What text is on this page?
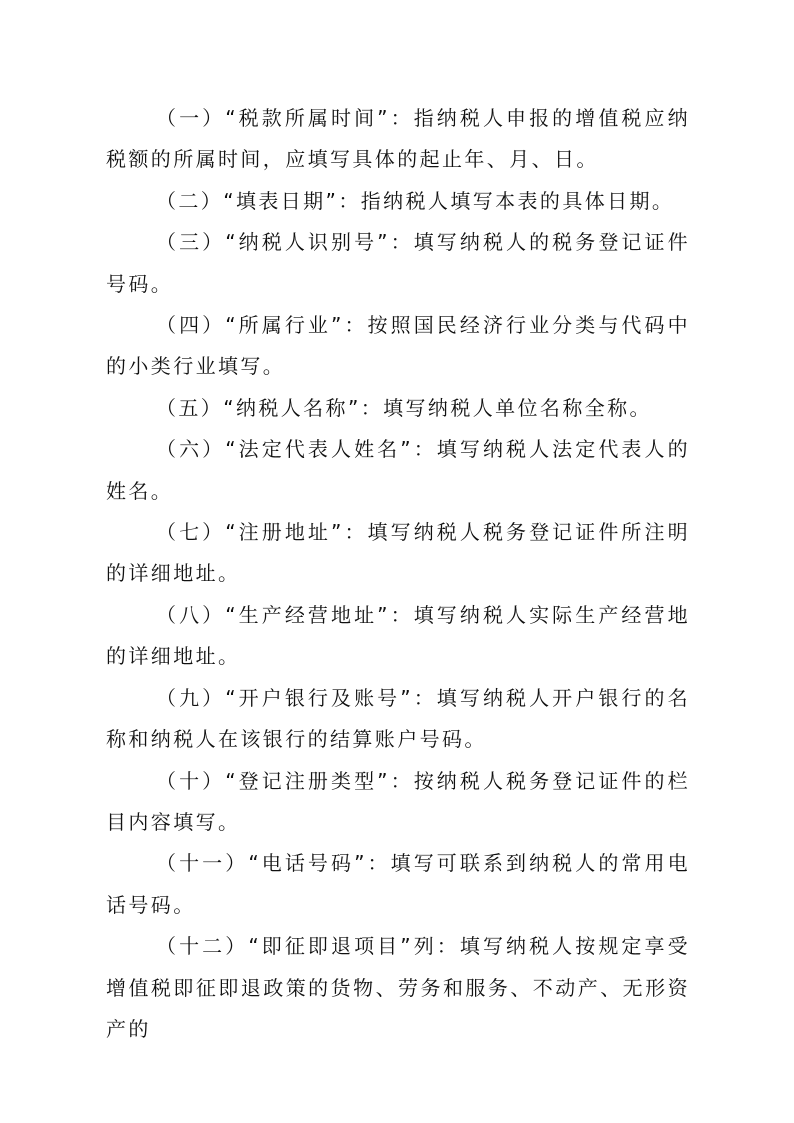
（一）“税款所属时间”：指纳税人申报的增值税应纳税额的所属时间，应填写具体的起止年、月、日。

（二）“填表日期”：指纳税人填写本表的具体日期。

（三）“纳税人识别号”：填写纳税人的税务登记证件号码。

（四）“所属行业”：按照国民经济行业分类与代码中的小类行业填写。

（五）“纳税人名称”：填写纳税人单位名称全称。

（六）“法定代表人姓名”：填写纳税人法定代表人的姓名。

（七）“注册地址”：填写纳税人税务登记证件所注明的详细地址。

（八）“生产经营地址”：填写纳税人实际生产经营地的详细地址。

（九）“开户银行及账号”：填写纳税人开户银行的名称和纳税人在该银行的结算账户号码。

（十）“登记注册类型”：按纳税人税务登记证件的栏目内容填写。

（十一）“电话号码”：填写可联系到纳税人的常用电话号码。

（十二）“即征即退项目”列：填写纳税人按规定享受增值税即征即退政策的货物、劳务和服务、不动产、无形资产的
